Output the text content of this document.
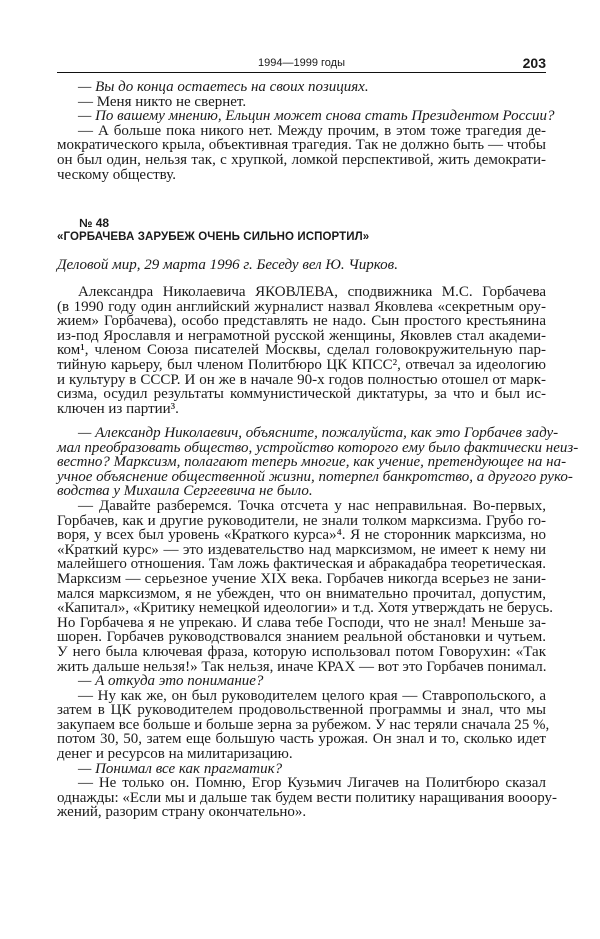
1994—1999 годы	203
— Вы до конца остаетесь на своих позициях.
— Меня никто не свернет.
— По вашему мнению, Ельцин может снова стать Президентом России?
— А больше пока никого нет. Между прочим, в этом тоже трагедия де-
мократического крыла, объективная трагедия. Так не должно быть — чтобы
он был один, нельзя так, с хрупкой, ломкой перспективой, жить демократи-
ческому обществу.
№ 48
«ГОРБАЧЕВА ЗАРУБЕЖ ОЧЕНЬ СИЛЬНО ИСПОРТИЛ»
Деловой мир, 29 марта 1996 г. Беседу вел Ю. Чирков.
Александра Николаевича ЯКОВЛЕВА, сподвижника М.С. Горбачева
(в 1990 году один английский журналист назвал Яковлева «секретным ору-
жием» Горбачева), особо представлять не надо. Сын простого крестьянина
из-под Ярославля и неграмотной русской женщины, Яковлев стал академи-
ком¹, членом Союза писателей Москвы, сделал головокружительную пар-
тийную карьеру, был членом Политбюро ЦК КПСС², отвечал за идеологию
и культуру в СССР. И он же в начале 90-х годов полностью отошел от марк-
сизма, осудил результаты коммунистической диктатуры, за что и был ис-
ключен из партии³.
— Александр Николаевич, объясните, пожалуйста, как это Горбачев заду-
мал преобразовать общество, устройство которого ему было фактически неиз-
вестно? Марксизм, полагают теперь многие, как учение, претендующее на на-
учное объяснение общественной жизни, потерпел банкротство, а другого руко-
водства у Михаила Сергеевича не было.
— Давайте разберемся. Точка отсчета у нас неправильная. Во-первых,
Горбачев, как и другие руководители, не знали толком марксизма. Грубо го-
воря, у всех был уровень «Краткого курса»⁴. Я не сторонник марксизма, но
«Краткий курс» — это издевательство над марксизмом, не имеет к нему ни
малейшего отношения. Там ложь фактическая и абракадабра теоретическая.
Марксизм — серьезное учение XIX века. Горбачев никогда всерьез не зани-
мался марксизмом, я не убежден, что он внимательно прочитал, допустим,
«Капитал», «Критику немецкой идеологии» и т.д. Хотя утверждать не берусь.
Но Горбачева я не упрекаю. И слава тебе Господи, что не знал! Меньше за-
шорен. Горбачев руководствовался знанием реальной обстановки и чутьем.
У него была ключевая фраза, которую использовал потом Говорухин: «Так
жить дальше нельзя!» Так нельзя, иначе КРАХ — вот это Горбачев понимал.
— А откуда это понимание?
— Ну как же, он был руководителем целого края — Ставропольского, а
затем в ЦК руководителем продовольственной программы и знал, что мы
закупаем все больше и больше зерна за рубежом. У нас теряли сначала 25 %,
потом 30, 50, затем еще большую часть урожая. Он знал и то, сколько идет
денег и ресурсов на милитаризацию.
— Понимал все как прагматик?
— Не только он. Помню, Егор Кузьмич Лигачев на Политбюро сказал
однажды: «Если мы и дальше так будем вести политику наращивания вооору-
жений, разорим страну окончательно».
